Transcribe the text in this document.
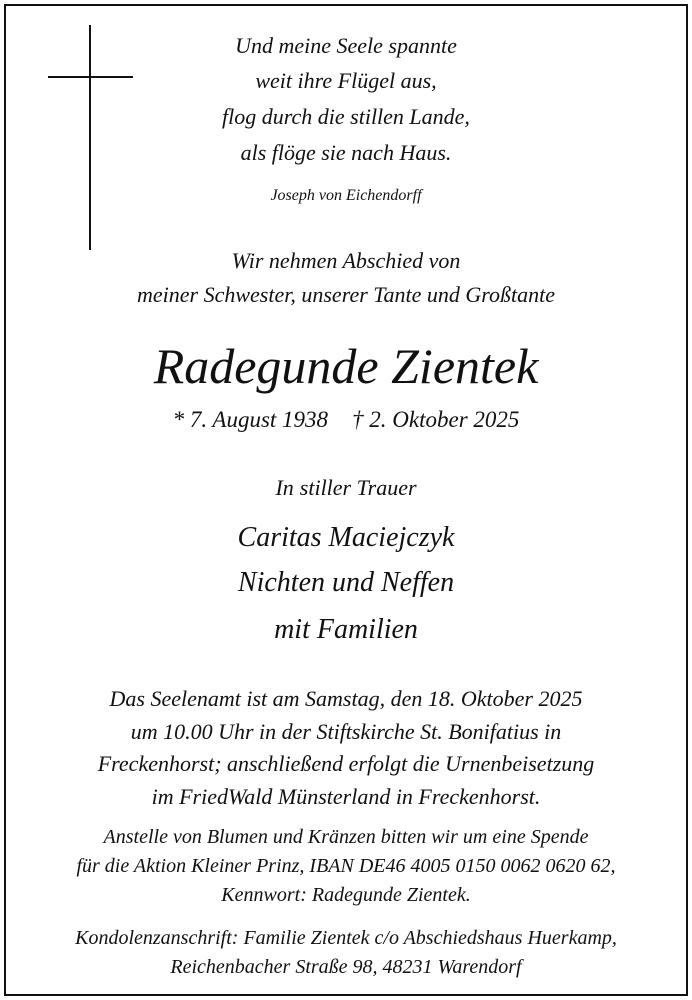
Und meine Seele spannte
weit ihre Flügel aus,
flog durch die stillen Lande,
als flöge sie nach Haus.
Joseph von Eichendorff
Wir nehmen Abschied von
meiner Schwester, unserer Tante und Großtante
Radegunde Zientek
* 7. August 1938 † 2. Oktober 2025
In stiller Trauer
Caritas Maciejczyk
Nichten und Neffen
mit Familien
Das Seelenamt ist am Samstag, den 18. Oktober 2025
um 10.00 Uhr in der Stiftskirche St. Bonifatius in
Freckenhorst; anschließend erfolgt die Urnenbeisetzung
im FriedWald Münsterland in Freckenhorst.
Anstelle von Blumen und Kränzen bitten wir um eine Spende
für die Aktion Kleiner Prinz, IBAN DE46 4005 0150 0062 0620 62,
Kennwort: Radegunde Zientek.
Kondolenzanschrift: Familie Zientek c/o Abschiedshaus Huerkamp,
Reichenbacher Straße 98, 48231 Warendorf
